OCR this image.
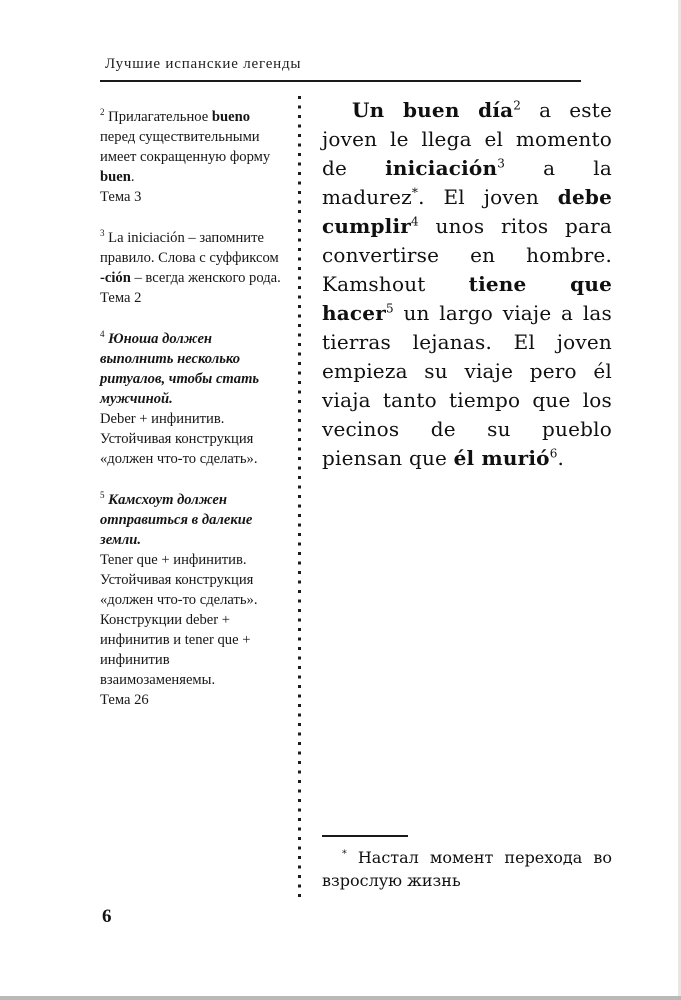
Лучшие испанские легенды

$^2$ Прилагательное bueno перед существительными имеет сокращенную форму buen.
Тема 3

$^3$ La iniciación – запомните правило. Слова с суффиксом -ción – всегда женского рода.
Тема 2

$^4$ Юноша должен выполнить несколько ритуалов, чтобы стать мужчиной.
Deber + инфинитив. Устойчивая конструкция «должен что-то сделать».

$^5$ Камсхоут должен отправиться в далекие земли.
Tener que + инфинитив. Устойчивая конструкция «должен что-то сделать». Конструкции deber + инфинитив и tener que + инфинитив взаимозаменяемы.
Тема 26

Un buen día$^2$ a este joven le llega el momento de iniciación$^3$ a la madurez*. El joven debe cumplir$^4$ unos ritos para convertirse en hombre. Kamshout tiene que hacer$^5$ un largo viaje a las tierras lejanas. El joven empieza su viaje pero él viaja tanto tiempo que los vecinos de su pueblo piensan que él murió$^6$.

* Настал момент перехода во взрослую жизнь

6
